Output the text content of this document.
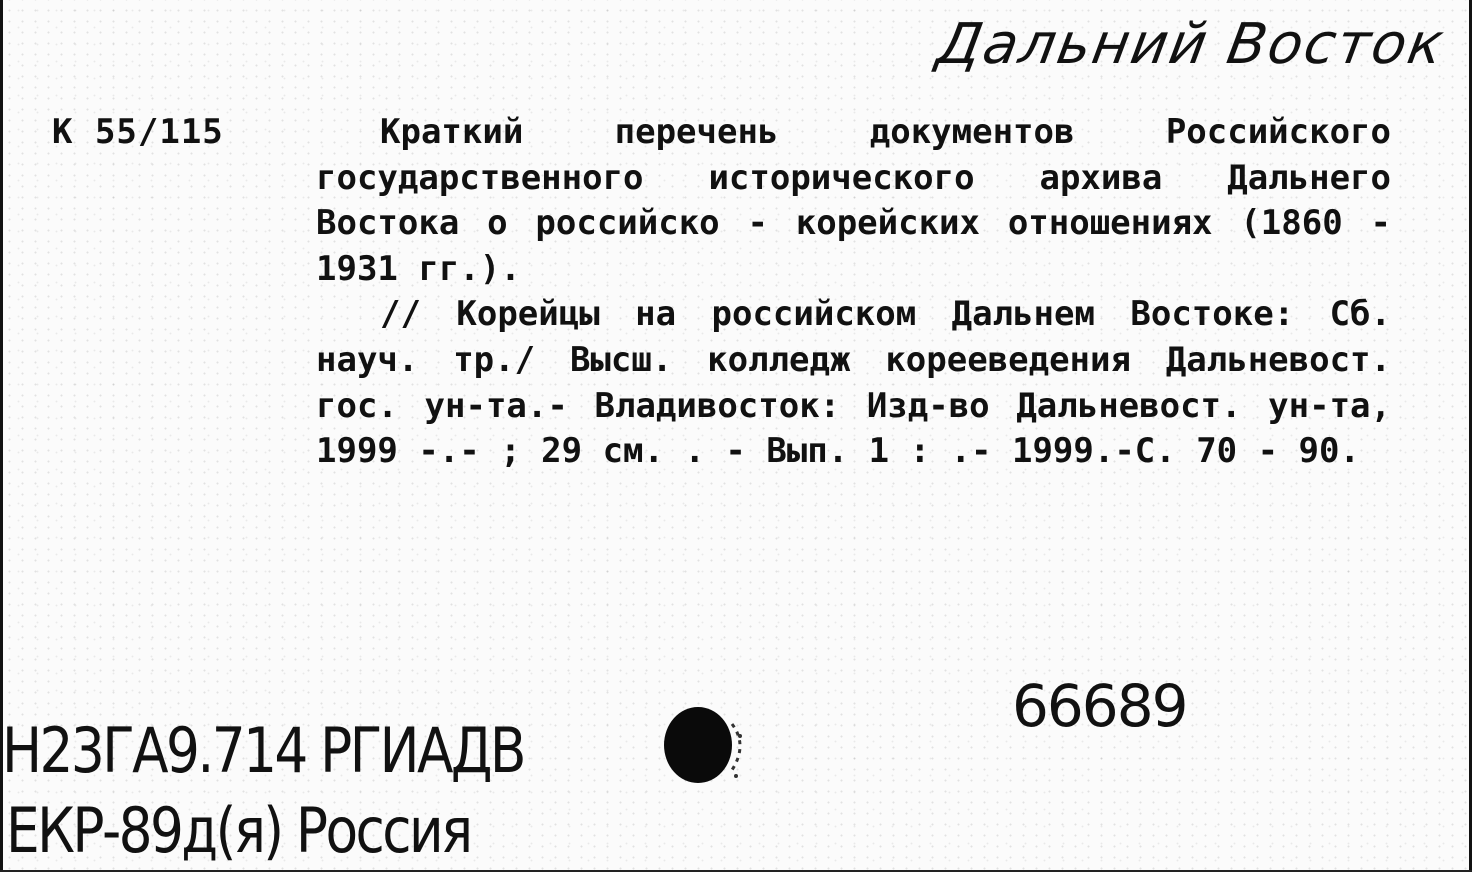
Дальний Восток
К 55/115	Краткий перечень документов Российского государственного исторического архива Дальнего Востока о российско - корейских отношениях (1860 - 1931 гг.).

// Корейцы на российском Дальнем Востоке: Сб. науч. тр./ Высш. колледж корееведения Дальневост. гос. ун-та.- Владивосток: Изд-во Дальневост. ун-та, 1999 -.- ; 29 см. . - Вып. 1 : .- 1999.-С. 70 - 90.

66689
Н23ГА9.714 РГИАДВ
ЕКР-89д(я) Россия
